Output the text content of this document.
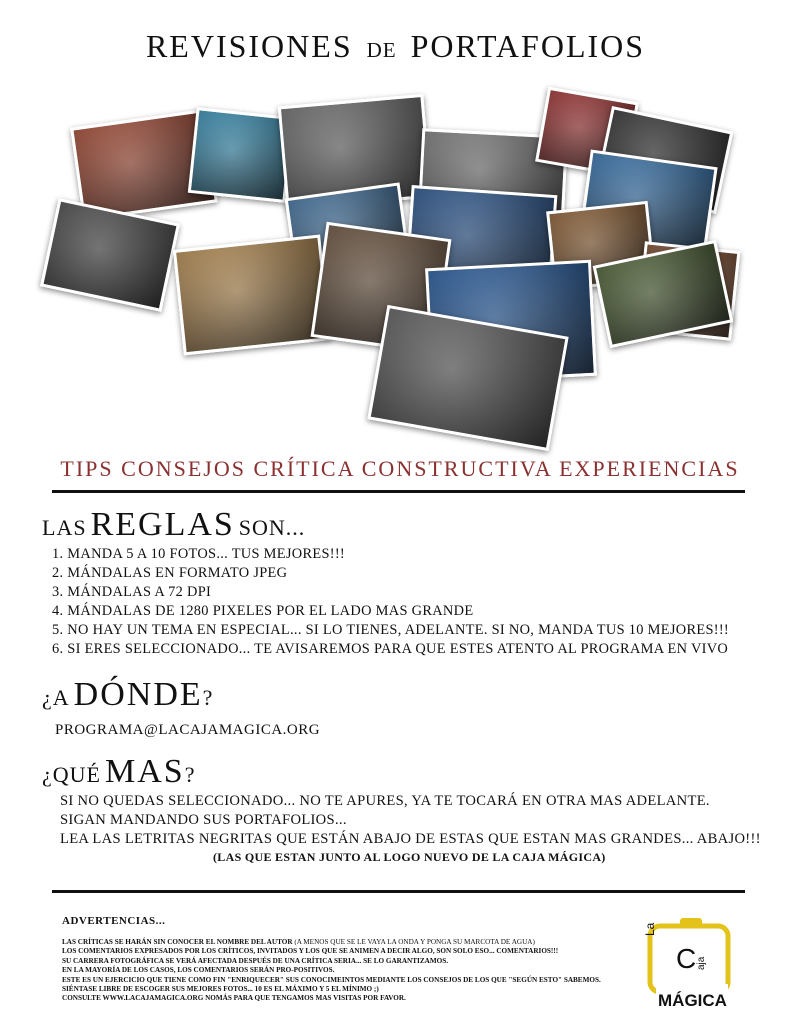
REVISIONES DE PORTAFOLIOS
TIPS CONSEJOS CRÍTICA CONSTRUCTIVA EXPERIENCIAS
LAS REGLAS SON...
1. MANDA 5 A 10 FOTOS... TUS MEJORES!!!
2. MÁNDALAS EN FORMATO JPEG
3. MÁNDALAS A 72 DPI
4. MÁNDALAS DE 1280 PIXELES POR EL LADO MAS GRANDE
5. NO HAY UN TEMA EN ESPECIAL... SI LO TIENES, ADELANTE. SI NO, MANDA TUS 10 MEJORES!!!
6. SI ERES SELECCIONADO... TE AVISAREMOS PARA QUE ESTES ATENTO AL PROGRAMA EN VIVO
¿A DÓNDE?
PROGRAMA@LACAJAMAGICA.ORG
¿QUÉ MAS?
SI NO QUEDAS SELECCIONADO... NO TE APURES, YA TE TOCARÁ EN OTRA MAS ADELANTE.
SIGAN MANDANDO SUS PORTAFOLIOS...
LEA LAS LETRITAS NEGRITAS QUE ESTÁN ABAJO DE ESTAS QUE ESTAN MAS GRANDES... ABAJO!!!
(LAS QUE ESTAN JUNTO AL LOGO NUEVO DE LA CAJA MÁGICA)
ADVERTENCIAS...
LAS CRÍTICAS SE HARÁN SIN CONOCER EL NOMBRE DEL AUTOR (A MENOS QUE SE LE VAYA LA ONDA Y PONGA SU MARCOTA DE AGUA)
LOS COMENTARIOS EXPRESADOS POR LOS CRÍTICOS, INVITADOS Y LOS QUE SE ANIMEN A DECIR ALGO, SON SOLO ESO... COMENTARIOS!!!
SU CARRERA FOTOGRÁFICA SE VERÁ AFECTADA DESPUÉS DE UNA CRÍTICA SERIA... SE LO GARANTIZAMOS.
EN LA MAYORÍA DE LOS CASOS, LOS COMENTARIOS SERÁN PRO-POSITIVOS.
ESTE ES UN EJERCICIO QUE TIENE COMO FIN "ENRIQUECER" SUS CONOCIMEINTOS MEDIANTE LOS CONSEJOS DE LOS QUE "SEGÚN ESTO" SABEMOS.
SIÉNTASE LIBRE DE ESCOGER SUS MEJORES FOTOS... 10 ES EL MÁXIMO Y 5 EL MÍNIMO ;)
CONSULTE WWW.LACAJAMAGICA.ORG NOMÁS PARA QUE TENGAMOS MAS VISITAS POR FAVOR.
La
C aja
MÁGICA
